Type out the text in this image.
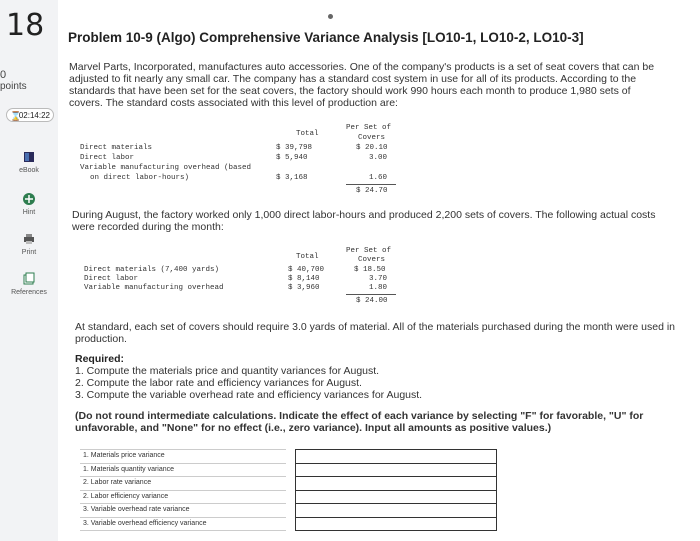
18
0
points
⌛
02:14:22
eBook
Hint
Print
References
Problem 10-9 (Algo) Comprehensive Variance Analysis [LO10-1, LO10-2, LO10-3]
Marvel Parts, Incorporated, manufactures auto accessories. One of the company's products is a set of seat covers that can be adjusted to fit nearly any small car. The company has a standard cost system in use for all of its products. According to the standards that have been set for the seat covers, the factory should work 990 hours each month to produce 1,980 sets of covers. The standard costs associated with this level of production are:
Total
Per Set of
Covers
Direct materials	$ 39,798	$ 20.10
Direct labor	$ 5,940	3.00
Variable manufacturing overhead (based
on direct labor-hours)	$ 3,168	1.60
$ 24.70
During August, the factory worked only 1,000 direct labor-hours and produced 2,200 sets of covers. The following actual costs were recorded during the month:
Total
Per Set of
Covers
Direct materials (7,400 yards)	$ 40,700	$ 18.50
Direct labor	$ 8,140	3.70
Variable manufacturing overhead	$ 3,960	1.80
$ 24.00
At standard, each set of covers should require 3.0 yards of material. All of the materials purchased during the month were used in production.
Required:
1. Compute the materials price and quantity variances for August.
2. Compute the labor rate and efficiency variances for August.
3. Compute the variable overhead rate and efficiency variances for August.
(Do not round intermediate calculations. Indicate the effect of each variance by selecting "F" for favorable, "U" for unfavorable, and "None" for no effect (i.e., zero variance). Input all amounts as positive values.)
1. Materials price variance
1. Materials quantity variance
2. Labor rate variance
2. Labor efficiency variance
3. Variable overhead rate variance
3. Variable overhead efficiency variance
